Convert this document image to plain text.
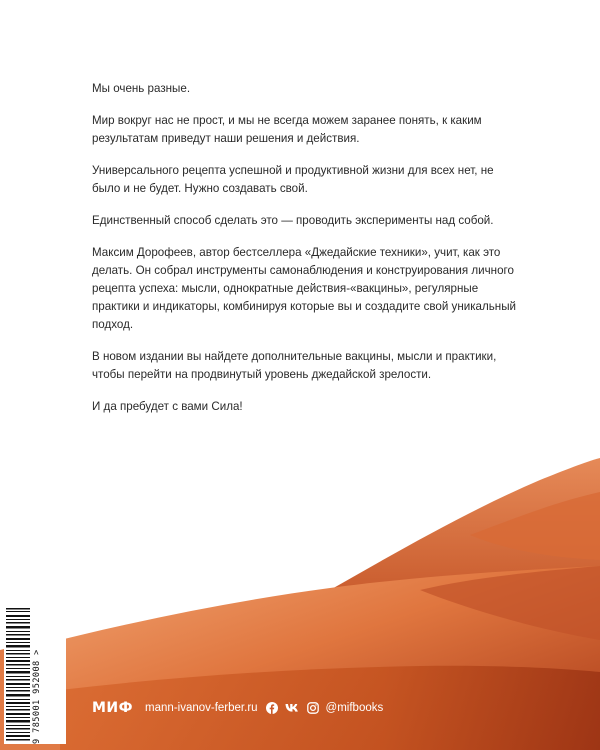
Мы очень разные.

Мир вокруг нас не прост, и мы не всегда можем заранее понять, к каким результатам приведут наши решения и действия.

Универсального рецепта успешной и продуктивной жизни для всех нет, не было и не будет. Нужно создавать свой.

Единственный способ сделать это — проводить эксперименты над собой.

Максим Дорофеев, автор бестселлера «Джедайские техники», учит, как это делать. Он собрал инструменты самонаблюдения и конструирования личного рецепта успеха: мысли, однократные действия-«вакцины», регулярные практики и индикаторы, комбинируя которые вы и создадите свой уникальный подход.

В новом издании вы найдете дополнительные вакцины, мысли и практики, чтобы перейти на продвинутый уровень джедайской зрелости.

И да пребудет с вами Сила!

9 785001 952008 >	МИФ mann-ivanov-ferber.ru	@mifbooks
